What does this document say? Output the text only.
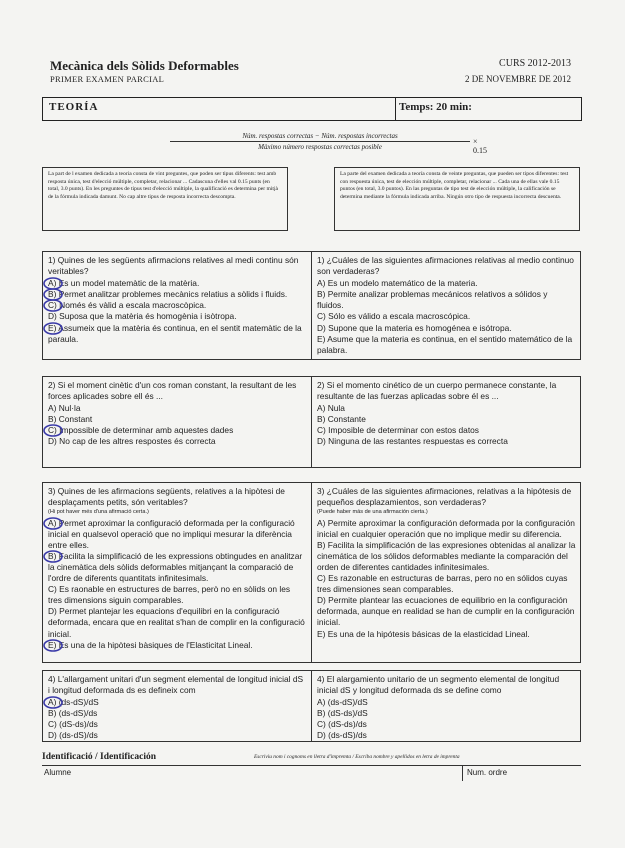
Mecànica dels Sòlids Deformables
PRIMER EXAMEN PARCIAL
CURS 2012-2013
2 DE NOVEMBRE DE 2012
TEORÍA	Temps: 20 min:
Núm. respostas correctas − Núm. respostas incorrectas
Màximo número respostas correctas posible
× 0.15
La part de l examen dedicada a teoria consta de vint preguntes, que poden ser tipus diferents: test amb resposta única, test d'elecció múltiple, completar, relacionar ... Cadascuna d'elles val 0.15 punts (en total, 3.0 punts). En les preguntes de tipus test d'elecció múltiple, la qualificació es determina per mitjà de la fórmula indicada damunt. No cap altre tipus de resposta incorrecta descompta.
La parte del examen dedicada a teoría consta de veinte preguntas, que pueden ser tipos diferentes: test con respuesta única, test de elección múltiple, completar, relacionar ... Cada una de ellas vale 0.15 puntos (en total, 3.0 puntos). En las preguntas de tipo test de elección múltiple, la calificación se determina mediante la fórmula indicada arriba. Ningún otro tipo de respuesta incorrecta descuenta.

1) Quines de les següents afirmacions relatives al medi continu són veritables?

A) Es un model matemàtic de la matèria.

B) Permet analitzar problemes mecànics relatius a sòlids i fluids.

C) Només és vàlid a escala macroscòpica.

D) Suposa que la matèria és homogènia i isòtropa.

E) Assumeix que la matèria és continua, en el sentit matemàtic de la paraula.

1) ¿Cuáles de las siguientes afirmaciones relativas al medio continuo son verdaderas?

A) Es un modelo matemático de la materia.

B) Permite analizar problemas mecánicos relativos a sólidos y fluidos.

C) Sólo es válido a escala macroscópica.

D) Supone que la materia es homogénea e isótropa.

E) Asume que la materia es continua, en el sentido matemático de la palabra.

2) Si el moment cinètic d'un cos roman constant, la resultant de les forces aplicades sobre ell és ...

A) Nul·la

B) Constant

C) Impossible de determinar amb aquestes dades

D) No cap de les altres respostes és correcta

2) Si el momento cinético de un cuerpo permanece constante, la resultante de las fuerzas aplicadas sobre él es ...

A) Nula

B) Constante

C) Imposible de determinar con estos datos

D) Ninguna de las restantes respuestas es correcta

3) Quines de les afirmacions següents, relatives a la hipòtesi de desplaçaments petits, són veritables?

(Hi pot haver més d'una afirmació certa.)

A) Permet aproximar la configuració deformada per la configuració inicial en qualsevol operació que no impliqui mesurar la diferència entre elles.

B) Facilita la simplificació de les expressions obtingudes en analitzar la cinemàtica dels sòlids deformables mitjançant la comparació de l'ordre de diferents quantitats infinitesimals.

C) Es raonable en estructures de barres, però no en sòlids on les tres dimensions siguin comparables.

D) Permet plantejar les equacions d'equilibri en la configuració deformada, encara que en realitat s'han de complir en la configuració inicial.

E) Es una de la hipòtesi bàsiques de l'Elasticitat Lineal.

3) ¿Cuáles de las siguientes afirmaciones, relativas a la hipótesis de pequeños desplazamientos, son verdaderas?

(Puede haber más de una afirmación cierta.)

A) Permite aproximar la configuración deformada por la configuración inicial en cualquier operación que no implique medir su diferencia.

B) Facilita la simplificación de las expresiones obtenidas al analizar la cinemática de los sólidos deformables mediante la comparación del orden de diferentes cantidades infinitesimales.

C) Es razonable en estructuras de barras, pero no en sólidos cuyas tres dimensiones sean comparables.

D) Permite plantear las ecuaciones de equilibrio en la configuración deformada, aunque en realidad se han de cumplir en la configuración inicial.

E) Es una de la hipótesis básicas de la elasticidad Lineal.

4) L'allargament unitari d'un segment elemental de longitud inicial dS i longitud deformada ds es defineix com

A) (ds-dS)/dS

B) (ds-dS)/ds

C) (dS-ds)/ds

D) (ds-dS)/ds

4) El alargamiento unitario de un segmento elemental de longitud inicial dS y longitud deformada ds se define como

A) (ds-dS)/dS

B) (dS-ds)/dS

C) (dS-ds)/ds

D) (ds-dS)/ds

Identificació / Identificación	Escriviu nom i cognoms en lletra d'impremta / Escriba nombre y apellidos en letra de imprenta
Alumne	Num. ordre
